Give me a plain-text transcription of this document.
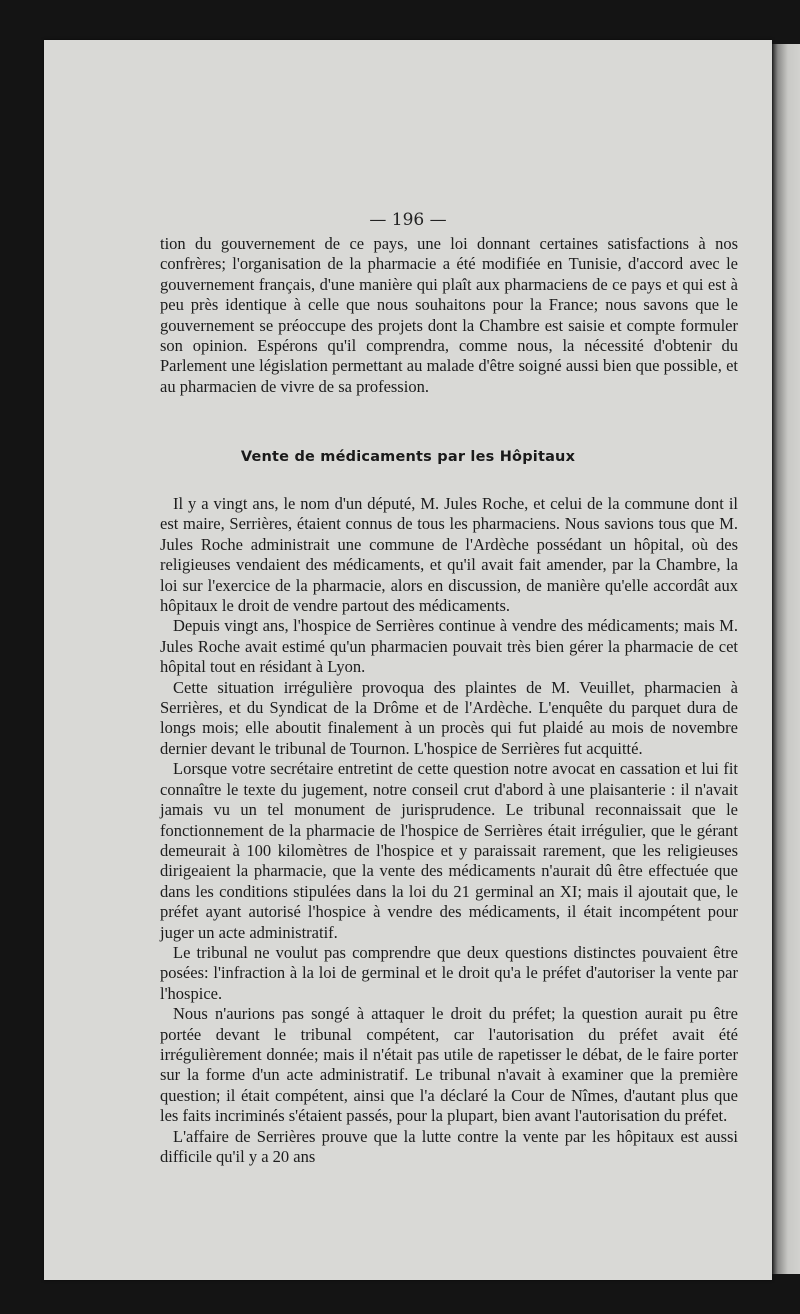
— 196 —

tion du gouvernement de ce pays, une loi donnant certaines satisfactions à nos confrères; l'organisation de la pharmacie a été modifiée en Tunisie, d'accord avec le gouvernement français, d'une manière qui plaît aux pharmaciens de ce pays et qui est à peu près identique à celle que nous souhaitons pour la France; nous savons que le gouvernement se préoccupe des projets dont la Chambre est saisie et compte formuler son opinion. Espérons qu'il comprendra, comme nous, la nécessité d'obtenir du Parlement une législation permettant au malade d'être soigné aussi bien que possible, et au pharmacien de vivre de sa profession.

Vente de médicaments par les Hôpitaux

Il y a vingt ans, le nom d'un député, M. Jules Roche, et celui de la commune dont il est maire, Serrières, étaient connus de tous les pharmaciens. Nous savions tous que M. Jules Roche administrait une commune de l'Ardèche possédant un hôpital, où des religieuses vendaient des médicaments, et qu'il avait fait amender, par la Chambre, la loi sur l'exercice de la pharmacie, alors en discussion, de manière qu'elle accordât aux hôpitaux le droit de vendre partout des médicaments.

Depuis vingt ans, l'hospice de Serrières continue à vendre des médicaments; mais M. Jules Roche avait estimé qu'un pharmacien pouvait très bien gérer la pharmacie de cet hôpital tout en résidant à Lyon.

Cette situation irrégulière provoqua des plaintes de M. Veuillet, pharmacien à Serrières, et du Syndicat de la Drôme et de l'Ardèche. L'enquête du parquet dura de longs mois; elle aboutit finalement à un procès qui fut plaidé au mois de novembre dernier devant le tribunal de Tournon. L'hospice de Serrières fut acquitté.

Lorsque votre secrétaire entretint de cette question notre avocat en cassation et lui fit connaître le texte du jugement, notre conseil crut d'abord à une plaisanterie : il n'avait jamais vu un tel monument de jurisprudence. Le tribunal reconnaissait que le fonctionnement de la pharmacie de l'hospice de Serrières était irrégulier, que le gérant demeurait à 100 kilomètres de l'hospice et y paraissait rarement, que les religieuses dirigeaient la pharmacie, que la vente des médicaments n'aurait dû être effectuée que dans les conditions stipulées dans la loi du 21 germinal an XI; mais il ajoutait que, le préfet ayant autorisé l'hospice à vendre des médicaments, il était incompétent pour juger un acte administratif.

Le tribunal ne voulut pas comprendre que deux questions distinctes pouvaient être posées: l'infraction à la loi de germinal et le droit qu'a le préfet d'autoriser la vente par l'hospice.

Nous n'aurions pas songé à attaquer le droit du préfet; la question aurait pu être portée devant le tribunal compétent, car l'autorisation du préfet avait été irrégulièrement donnée; mais il n'était pas utile de rapetisser le débat, de le faire porter sur la forme d'un acte administratif. Le tribunal n'avait à examiner que la première question; il était compétent, ainsi que l'a déclaré la Cour de Nîmes, d'autant plus que les faits incriminés s'étaient passés, pour la plupart, bien avant l'autorisation du préfet.

L'affaire de Serrières prouve que la lutte contre la vente par les hôpitaux est aussi difficile qu'il y a 20 ans
